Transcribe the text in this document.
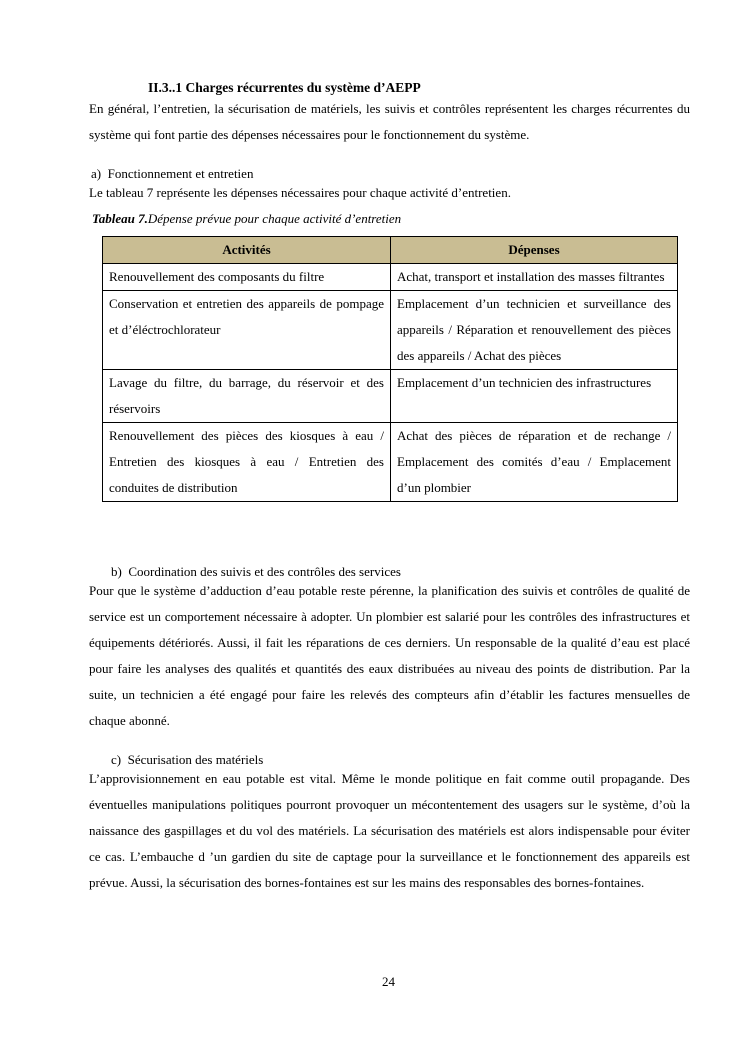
II.3..1 Charges récurrentes du système d’AEPP

En général, l’entretien, la sécurisation de matériels, les suivis et contrôles représentent les charges récurrentes du système qui font partie des dépenses nécessaires pour le fonctionnement du système.

a)  Fonctionnement et entretien
Le tableau 7 représente les dépenses nécessaires pour chaque activité d’entretien.
Tableau 7.Dépense prévue pour chaque activité d’entretien
Activités	Dépenses
Renouvellement des composants du filtre	Achat, transport et installation des masses filtrantes
Conservation et entretien des appareils de pompage et d’éléctrochlorateur	Emplacement d’un technicien et surveillance des appareils / Réparation et renouvellement des pièces des appareils / Achat des pièces
Lavage du filtre, du barrage, du réservoir et des réservoirs	Emplacement d’un technicien des infrastructures
Renouvellement des pièces des kiosques à eau / Entretien des kiosques à eau / Entretien des conduites de distribution	Achat des pièces de réparation et de rechange / Emplacement des comités d’eau / Emplacement d’un plombier
b)  Coordination des suivis et des contrôles des services

Pour que le système d’adduction d’eau potable reste pérenne, la planification des suivis et contrôles de qualité de service est un comportement nécessaire à adopter. Un plombier est salarié pour les contrôles des infrastructures et équipements détériorés. Aussi, il fait les réparations de ces derniers. Un responsable de la qualité d’eau est placé pour faire les analyses des qualités et quantités des eaux distribuées au niveau des points de distribution. Par la suite, un technicien a été engagé pour faire les relevés des compteurs afin d’établir les factures mensuelles de chaque abonné.

c)  Sécurisation des matériels

L’approvisionnement en eau potable est vital. Même le monde politique en fait comme outil propagande. Des éventuelles manipulations politiques pourront provoquer un mécontentement des usagers sur le système, d’où la naissance des gaspillages et du vol des matériels. La sécurisation des matériels est alors indispensable pour éviter ce cas. L’embauche d ’un gardien du site de captage pour la surveillance et le fonctionnement des appareils est prévue. Aussi, la sécurisation des bornes-fontaines est sur les mains des responsables des bornes-fontaines.

24
